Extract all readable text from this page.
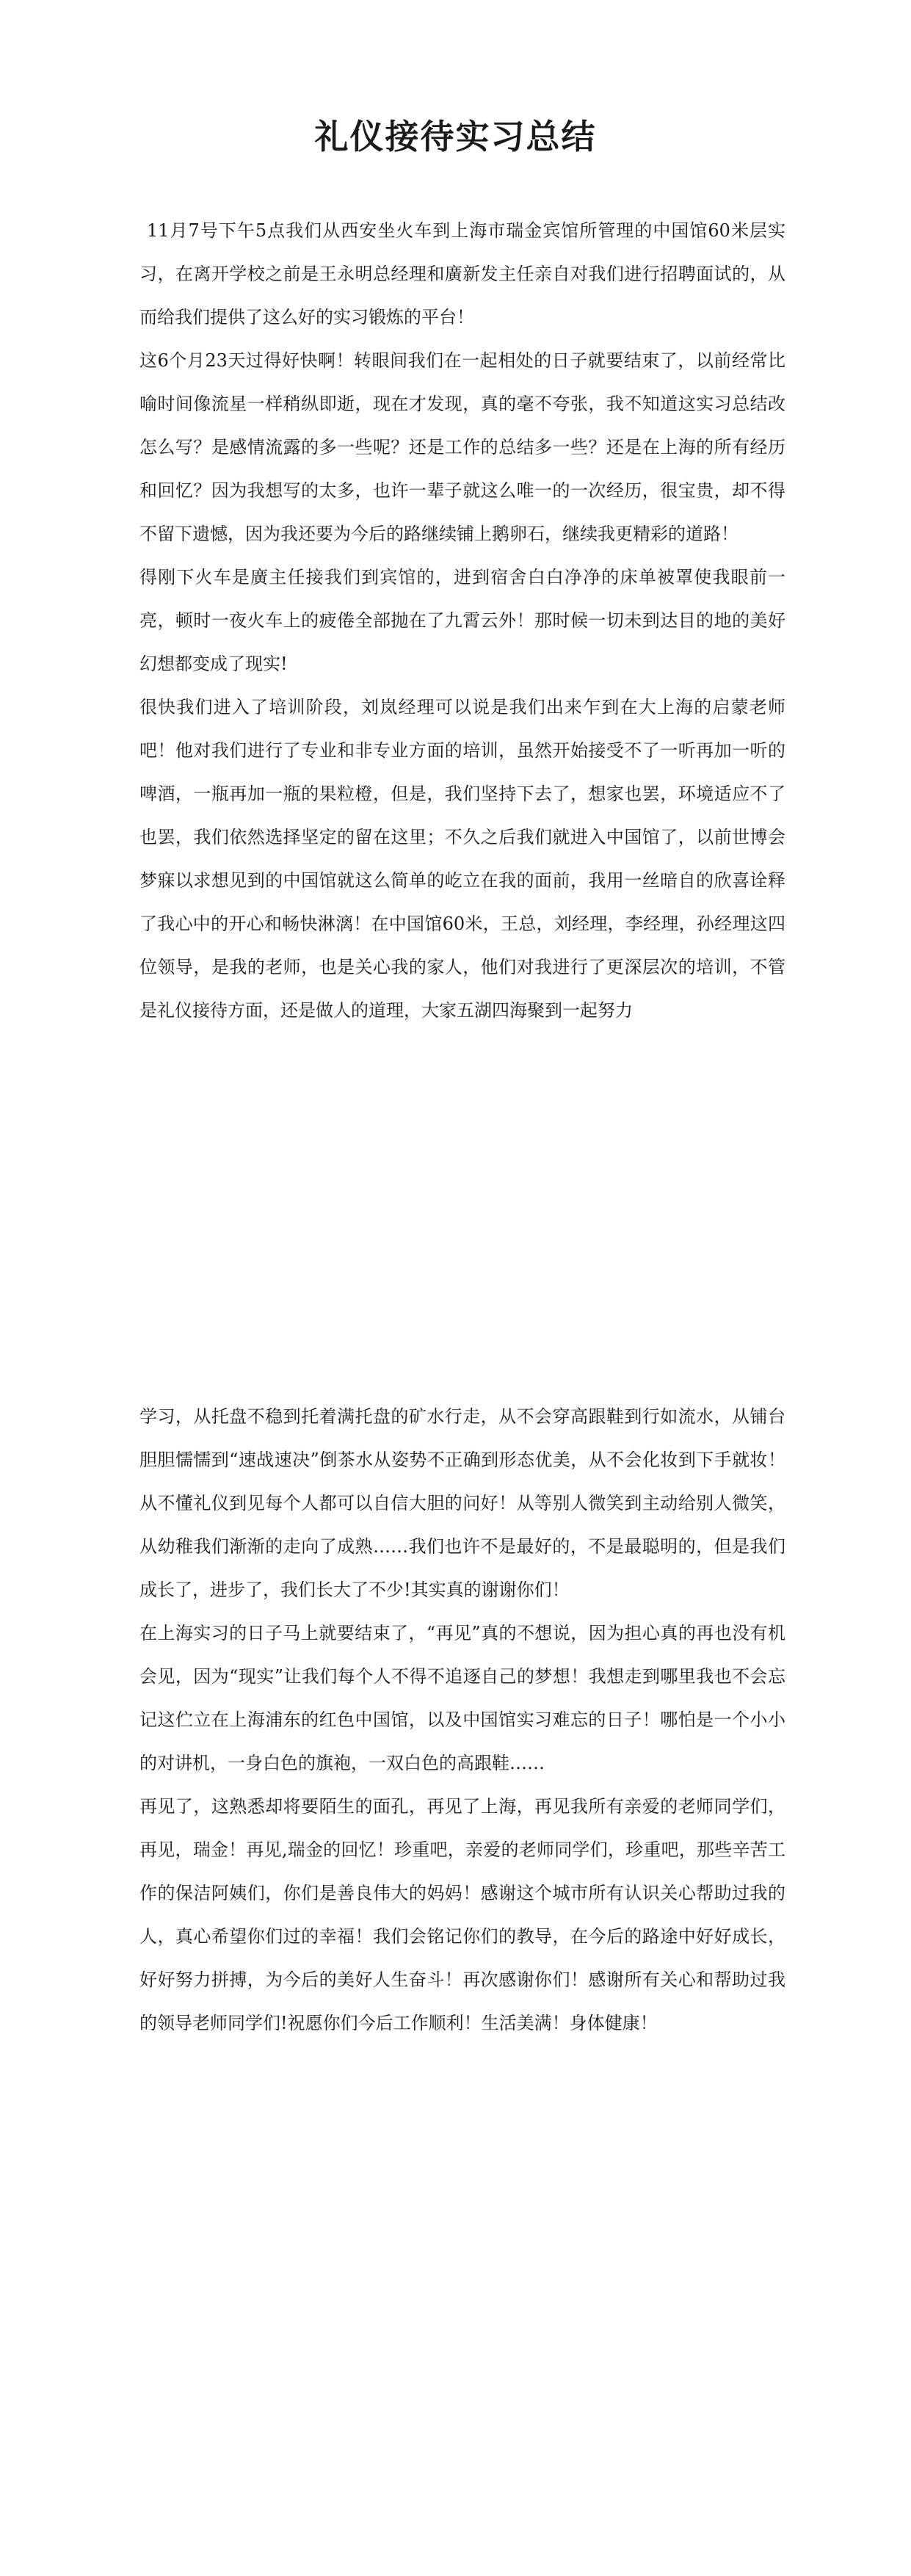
礼仪接待实习总结

11月7号下午5点我们从西安坐火车到上海市瑞金宾馆所管理的中国馆60米层实习，在离开学校之前是王永明总经理和廣新发主任亲自对我们进行招聘面试的，从而给我们提供了这么好的实习锻炼的平台！

这6个月23天过得好快啊！转眼间我们在一起相处的日子就要结束了，以前经常比喻时间像流星一样稍纵即逝，现在才发现，真的毫不夸张，我不知道这实习总结改怎么写？是感情流露的多一些呢？还是工作的总结多一些？还是在上海的所有经历和回忆？因为我想写的太多，也许一辈子就这么唯一的一次经历，很宝贵，却不得不留下遗憾，因为我还要为今后的路继续铺上鹅卵石，继续我更精彩的道路！

得刚下火车是廣主任接我们到宾馆的，进到宿舍白白净净的床单被罩使我眼前一亮，顿时一夜火车上的疲倦全部抛在了九霄云外！那时候一切未到达目的地的美好幻想都变成了现实!

很快我们进入了培训阶段，刘岚经理可以说是我们出来乍到在大上海的启蒙老师吧！他对我们进行了专业和非专业方面的培训，虽然开始接受不了一听再加一听的啤酒，一瓶再加一瓶的果粒橙，但是，我们坚持下去了，想家也罢，环境适应不了也罢，我们依然选择坚定的留在这里；不久之后我们就进入中国馆了，以前世博会梦寐以求想见到的中国馆就这么简单的屹立在我的面前，我用一丝暗自的欣喜诠释了我心中的开心和畅快淋漓！在中国馆60米，王总，刘经理，李经理，孙经理这四位领导，是我的老师，也是关心我的家人，他们对我进行了更深层次的培训，不管是礼仪接待方面，还是做人的道理，大家五湖四海聚到一起努力

学习，从托盘不稳到托着满托盘的矿水行走，从不会穿高跟鞋到行如流水，从铺台胆胆懦懦到“速战速决”倒茶水从姿势不正确到形态优美，从不会化妆到下手就妆！从不懂礼仪到见每个人都可以自信大胆的问好！从等别人微笑到主动给别人微笑，从幼稚我们渐渐的走向了成熟……我们也许不是最好的，不是最聪明的，但是我们成长了，进步了，我们长大了不少!其实真的谢谢你们！

在上海实习的日子马上就要结束了，“再见”真的不想说，因为担心真的再也没有机会见，因为“现实”让我们每个人不得不追逐自己的梦想！我想走到哪里我也不会忘记这伫立在上海浦东的红色中国馆，以及中国馆实习难忘的日子！哪怕是一个小小的对讲机，一身白色的旗袍，一双白色的高跟鞋……

再见了，这熟悉却将要陌生的面孔，再见了上海，再见我所有亲爱的老师同学们，再见，瑞金！再见,瑞金的回忆！珍重吧，亲爱的老师同学们，珍重吧，那些辛苦工作的保洁阿姨们，你们是善良伟大的妈妈！感谢这个城市所有认识关心帮助过我的人，真心希望你们过的幸福！我们会铭记你们的教导，在今后的路途中好好成长，好好努力拼搏，为今后的美好人生奋斗！再次感谢你们！感谢所有关心和帮助过我的领导老师同学们!祝愿你们今后工作顺利！生活美满！身体健康！
